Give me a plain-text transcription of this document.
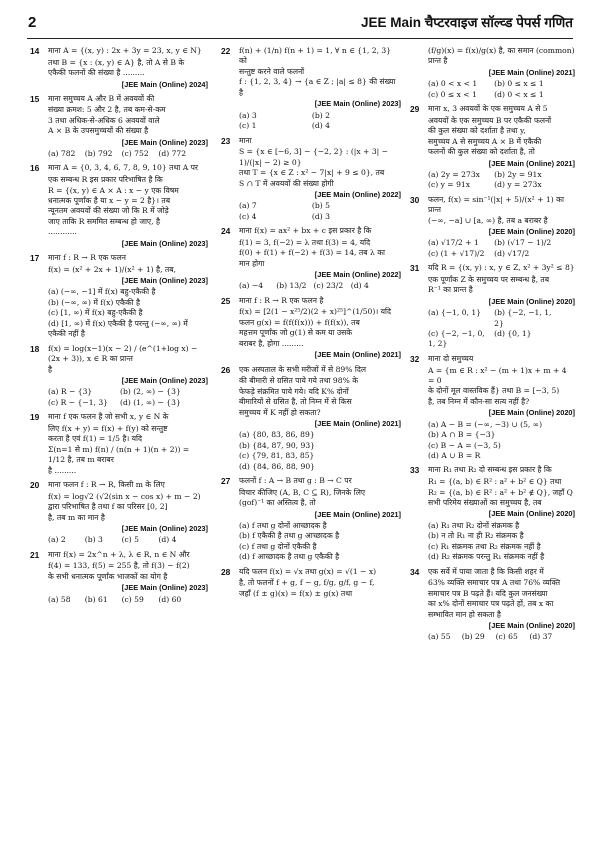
2	JEE Main चैप्टरवाइज सॉल्व्ड पेपर्स गणित
14	माना A = {(x, y) : 2x + 3y = 23, x, y ∈ N}
तथा B = {x : (x, y) ∈ A} है, तो A से B के
एकैकी फलनों की संख्या है .........
[JEE Main (Online) 2024]
15	माना समुच्चय A और B में अवयवों की
संख्या क्रमश: 5 और 2 है, तब कम-से-कम
3 तथा अधिक-से-अधिक 6 अवयवों वाले
A × B के उपसमुच्चयों की संख्या है
[JEE Main (Online) 2023]
(a) 782	(b) 792	(c) 752	(d) 772
16	माना A = {0, 3, 4, 6, 7, 8, 9, 10} तथा A पर
एक सम्बन्ध R इस प्रकार परिभाषित है कि
R = {(x, y) ∈ A × A : x − y एक विषम
धनात्मक पूर्णांक है या x − y = 2 है}। तब
न्यूनतम अवयवों की संख्या जो कि R में जोड़े
जाए ताकि R सममित सम्बन्ध हो जाए, है
............
[JEE Main (Online) 2023]
17	माना f : R → R एक फलन
f(x) = (x² + 2x + 1)/(x² + 1) है, तब,
[JEE Main (Online) 2023]
(a) (−∞, −1] में f(x) बहु-एकैकी है
(b) (−∞, ∞) में f(x) एकैकी है
(c) [1, ∞) में f(x) बहु-एकैकी है
(d) [1, ∞) में f(x) एकैकी है परन्तु (−∞, ∞) में एकैकी नहीं है
18	f(x) = log(x−1)(x − 2) / (e^(1+log x) − (2x + 3)), x ∈ R का प्रान्त
है
[JEE Main (Online) 2023]
(a) R − {3}	(b) (2, ∞) − {3}
(c) R − {−1, 3}	(d) (1, ∞) − {3}
19	माना f एक फलन है जो सभी x, y ∈ N के
लिए f(x + y) = f(x) + f(y) को सन्तुष्ट
करता है एवं f(1) = 1/5 है। यदि
Σ(n=1 से m) f(n) / (n(n + 1)(n + 2)) = 1/12 है, तब m बराबर
है .........
20	माना फलन f : R → R, किसी m के लिए
f(x) = log√2 (√2(sin x − cos x) + m − 2)
द्वारा परिभाषित है तथा f का परिसर [0, 2]
है, तब m का मान है
[JEE Main (Online) 2023]
(a) 2	(b) 3	(c) 5	(d) 4
21	माना f(x) = 2x^n + λ, λ ∈ R, n ∈ N और
f(4) = 133, f(5) = 255 है, तो f(3) − f(2)
के सभी धनात्मक पूर्णांक भाजकों का योग है
[JEE Main (Online) 2023]
(a) 58	(b) 61	(c) 59	(d) 60
22	f(n) + (1/n) f(n + 1) = 1, ∀ n ∈ {1, 2, 3} को
सन्तुष्ट करने वाले फलनों
f : {1, 2, 3, 4} → {a ∈ Z ; |a| ≤ 8} की संख्या
है
[JEE Main (Online) 2023]
(a) 3	(b) 2
(c) 1	(d) 4
23	माना
S = {x ∈ [−6, 3] − {−2, 2} : (|x + 3| − 1)/(|x| − 2) ≥ 0}
तथा T = {x ∈ Z : x² − 7|x| + 9 ≤ 0}, तब
S ∩ T में अवयवों की संख्या होगी
[JEE Main (Online) 2022]
(a) 7	(b) 5
(c) 4	(d) 3
24	माना f(x) = ax² + bx + c इस प्रकार है कि
f(1) = 3, f(−2) = λ तथा f(3) = 4, यदि
f(0) + f(1) + f(−2) + f(3) = 14, तब λ का
मान होगा
[JEE Main (Online) 2022]
(a) −4	(b) 13/2 (c) 23/2 (d) 4
25	माना f : R → R एक फलन है
f(x) = [2(1 − x²⁵/2)(2 + x)²⁵]^(1/50)। यदि
फलन g(x) = f(f(f(x))) + f(f(x)), तब
महत्तम पूर्णांक जो g(1) से कम या उसके
बराबर है, होगा .........
[JEE Main (Online) 2021]
26	एक अस्पताल के सभी मरीजों में से 89% दिल
की बीमारी से ग्रसित पाये गये तथा 98% के
फेफड़े संक्रमित पाये गये। यदि K% दोनों
बीमारियों से ग्रसित है, तो निम्न में से किस
समुच्चय में K नहीं हो सकता?
[JEE Main (Online) 2021]
(a) {80, 83, 86, 89}
(b) {84, 87, 90, 93}
(c) {79, 81, 83, 85}
(d) {84, 86, 88, 90}
27	फलनों f : A → B तथा g : B → C पर
विचार कीजिए (A, B, C ⊆ R), जिनके लिए
(gof)⁻¹ का अस्तित्व है, तो
[JEE Main (Online) 2021]
(a) f तथा g दोनों आच्छादक है
(b) f एकैकी है तथा g आच्छादक है
(c) f तथा g दोनों एकैकी है
(d) f आच्छादक है तथा g एकैकी है
28	यदि फलन f(x) = √x तथा g(x) = √(1 − x)
है, तो फलनों f + g, f − g, f/g, g/f, g − f,
जहाँ (f ± g)(x) = f(x) ± g(x) तथा
(f/g)(x) = f(x)/g(x) है, का समान (common)
प्रान्त है
[JEE Main (Online) 2021]
(a) 0 < x < 1	(b) 0 ≤ x ≤ 1
(c) 0 ≤ x < 1	(d) 0 < x ≤ 1
29	माना x, 3 अवयवों के एक समुच्चय A से 5
अवयवों के एक समुच्चय B पर एकैकी फलनों
की कुल संख्या को दर्शाता है तथा y,
समुच्चय A से समुच्चय A × B में एकैकी
फलनों की कुल संख्या को दर्शाता है, तो
[JEE Main (Online) 2021]
(a) 2y = 273x	(b) 2y = 91x
(c) y = 91x	(d) y = 273x
30	फलन, f(x) = sin⁻¹(|x| + 5)/(x² + 1) का प्रान्त
(−∞, −a] ∪ [a, ∞) है, तब a बराबर है
[JEE Main (Online) 2020]
(a) √17/2 + 1	(b) (√17 − 1)/2
(c) (1 + √17)/2	(d) √17/2
31	यदि R = {(x, y) : x, y ∈ Z, x² + 3y² ≤ 8}
एक पूर्णांक Z के समुच्चय पर सम्बन्ध है, तब
R⁻¹ का प्रान्त है
[JEE Main (Online) 2020]
(a) {−1, 0, 1}	(b) {−2, −1, 1, 2}
(c) {−2, −1, 0, 1, 2}
(d) {0, 1}
32	माना दो समुच्चय
A = {m ∈ R : x² − (m + 1)x + m + 4 = 0
के दोनों मूल वास्तविक हैं} तथा B = [−3, 5)
है, तब निम्न में कौन-सा सत्य नहीं है?
[JEE Main (Online) 2020]
(a) A − B = (−∞, −3) ∪ (5, ∞)
(b) A ∩ B = {−3}
(c) B − A = (−3, 5)
(d) A ∪ B = R
33	माना R₁ तथा R₂ दो सम्बन्ध इस प्रकार है कि
R₁ = {(a, b) ∈ R² : a² + b² ∈ Q} तथा
R₂ = {(a, b) ∈ R² : a² + b² ∉ Q}, जहाँ Q
सभी परिमेय संख्याओं का समुच्चय है, तब
[JEE Main (Online) 2020]
(a) R₁ तथा R₂ दोनों संक्रमक है
(b) न तो R₁ ना ही R₂ संक्रमक है
(c) R₁ संक्रमक तथा R₂ संक्रमक नहीं है
(d) R₂ संक्रमक परन्तु R₁ संक्रमक नहीं है
34	एक सर्वे में पाया जाता है कि किसी शहर में
63% व्यक्ति समाचार पत्र A तथा 76% व्यक्ति
समाचार पत्र B पढ़ते हैं। यदि कुल जनसंख्या
का x% दोनों समाचार पत्र पढ़ते हों, तब x का
सम्भावित मान हो सकता है
[JEE Main (Online) 2020]
(a) 55	(b) 29	(c) 65	(d) 37
